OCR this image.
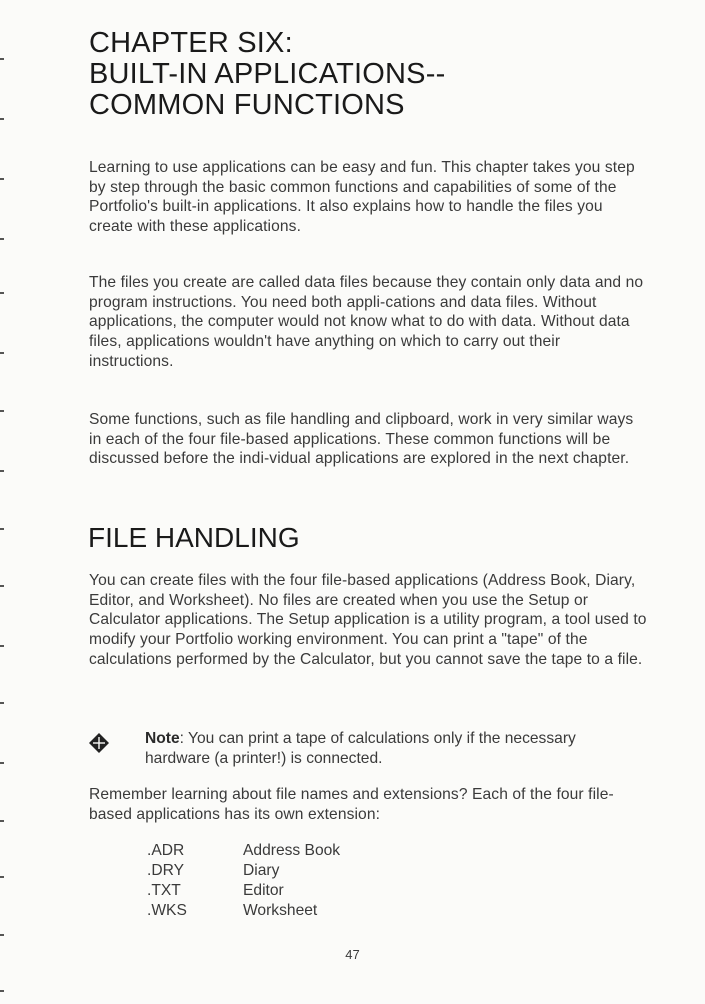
CHAPTER SIX:
BUILT-IN APPLICATIONS--
COMMON FUNCTIONS

Learning to use applications can be easy and fun. This chapter takes you step by step through the basic common functions and capabilities of some of the Portfolio's built-in applications. It also explains how to handle the files you create with these applications.

The files you create are called data files because they contain only data and no program instructions. You need both appli-cations and data files. Without applications, the computer would not know what to do with data. Without data files, applications wouldn't have anything on which to carry out their instructions.

Some functions, such as file handling and clipboard, work in very similar ways in each of the four file-based applications. These common functions will be discussed before the indi-vidual applications are explored in the next chapter.

FILE HANDLING

You can create files with the four file-based applications (Address Book, Diary, Editor, and Worksheet). No files are created when you use the Setup or Calculator applications. The Setup application is a utility program, a tool used to modify your Portfolio working environment. You can print a "tape" of the calculations performed by the Calculator, but you cannot save the tape to a file.

Note: You can print a tape of calculations only if the necessary hardware (a printer!) is connected.

Remember learning about file names and extensions? Each of the four file-based applications has its own extension:

.ADR	Address Book
.DRY	Diary
.TXT	Editor
.WKS	Worksheet
47
